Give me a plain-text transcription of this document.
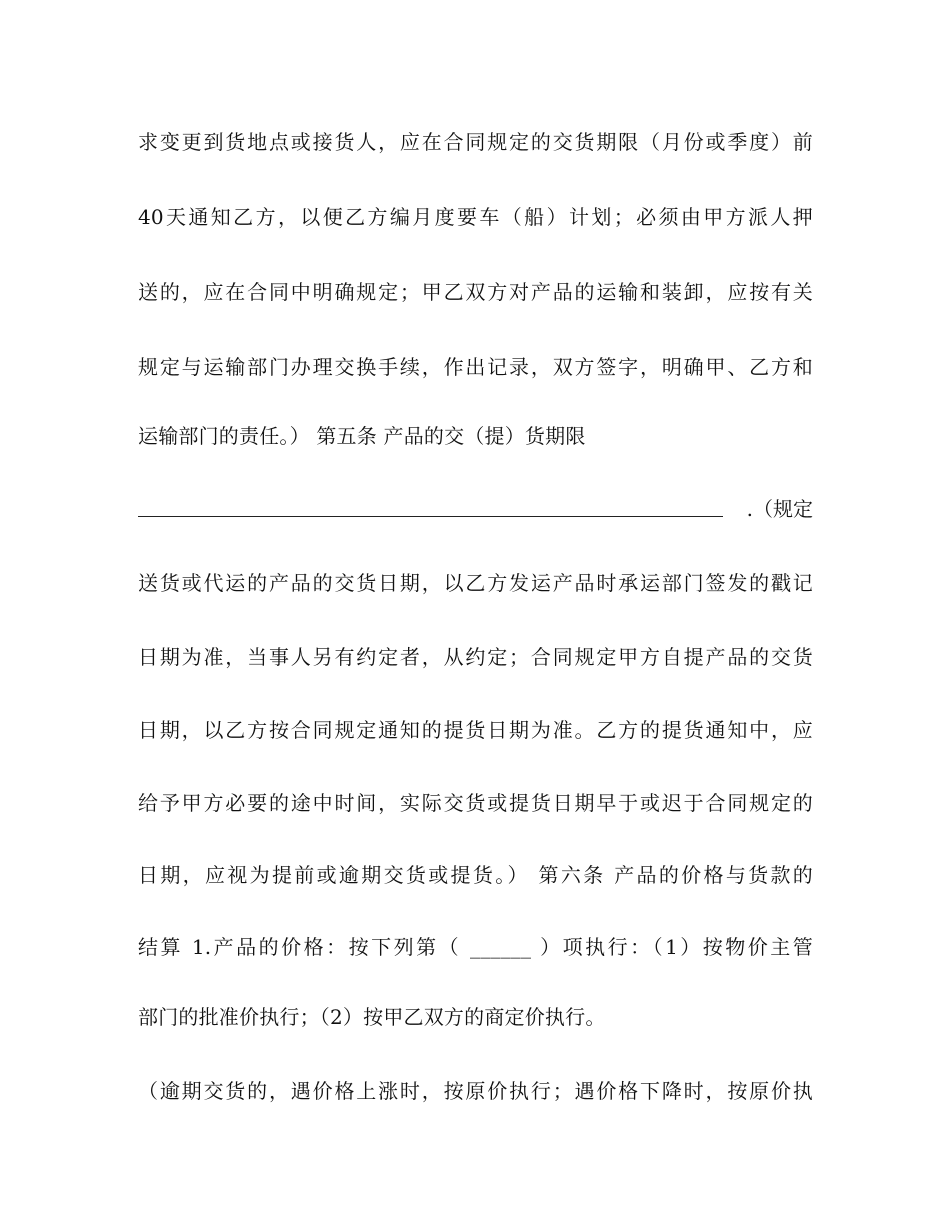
求变更到货地点或接货人，应在合同规定的交货期限（月份或季度）前
40天通知乙方，以便乙方编月度要车（船）计划；必须由甲方派人押
送的，应在合同中明确规定；甲乙双方对产品的运输和装卸，应按有关
规定与运输部门办理交换手续，作出记录，双方签字，明确甲、乙方和
运输部门的责任。） 第五条 产品的交（提）货期限
.（规定
送货或代运的产品的交货日期，以乙方发运产品时承运部门签发的戳记
日期为准，当事人另有约定者，从约定；合同规定甲方自提产品的交货
日期，以乙方按合同规定通知的提货日期为准。乙方的提货通知中，应
给予甲方必要的途中时间，实际交货或提货日期早于或迟于合同规定的
日期，应视为提前或逾期交货或提货。） 第六条 产品的价格与货款的
结算 1.产品的价格：按下列第（ ______ ）项执行：（1）按物价主管
部门的批准价执行；（2）按甲乙双方的商定价执行。
（逾期交货的，遇价格上涨时，按原价执行；遇价格下降时，按原价执
